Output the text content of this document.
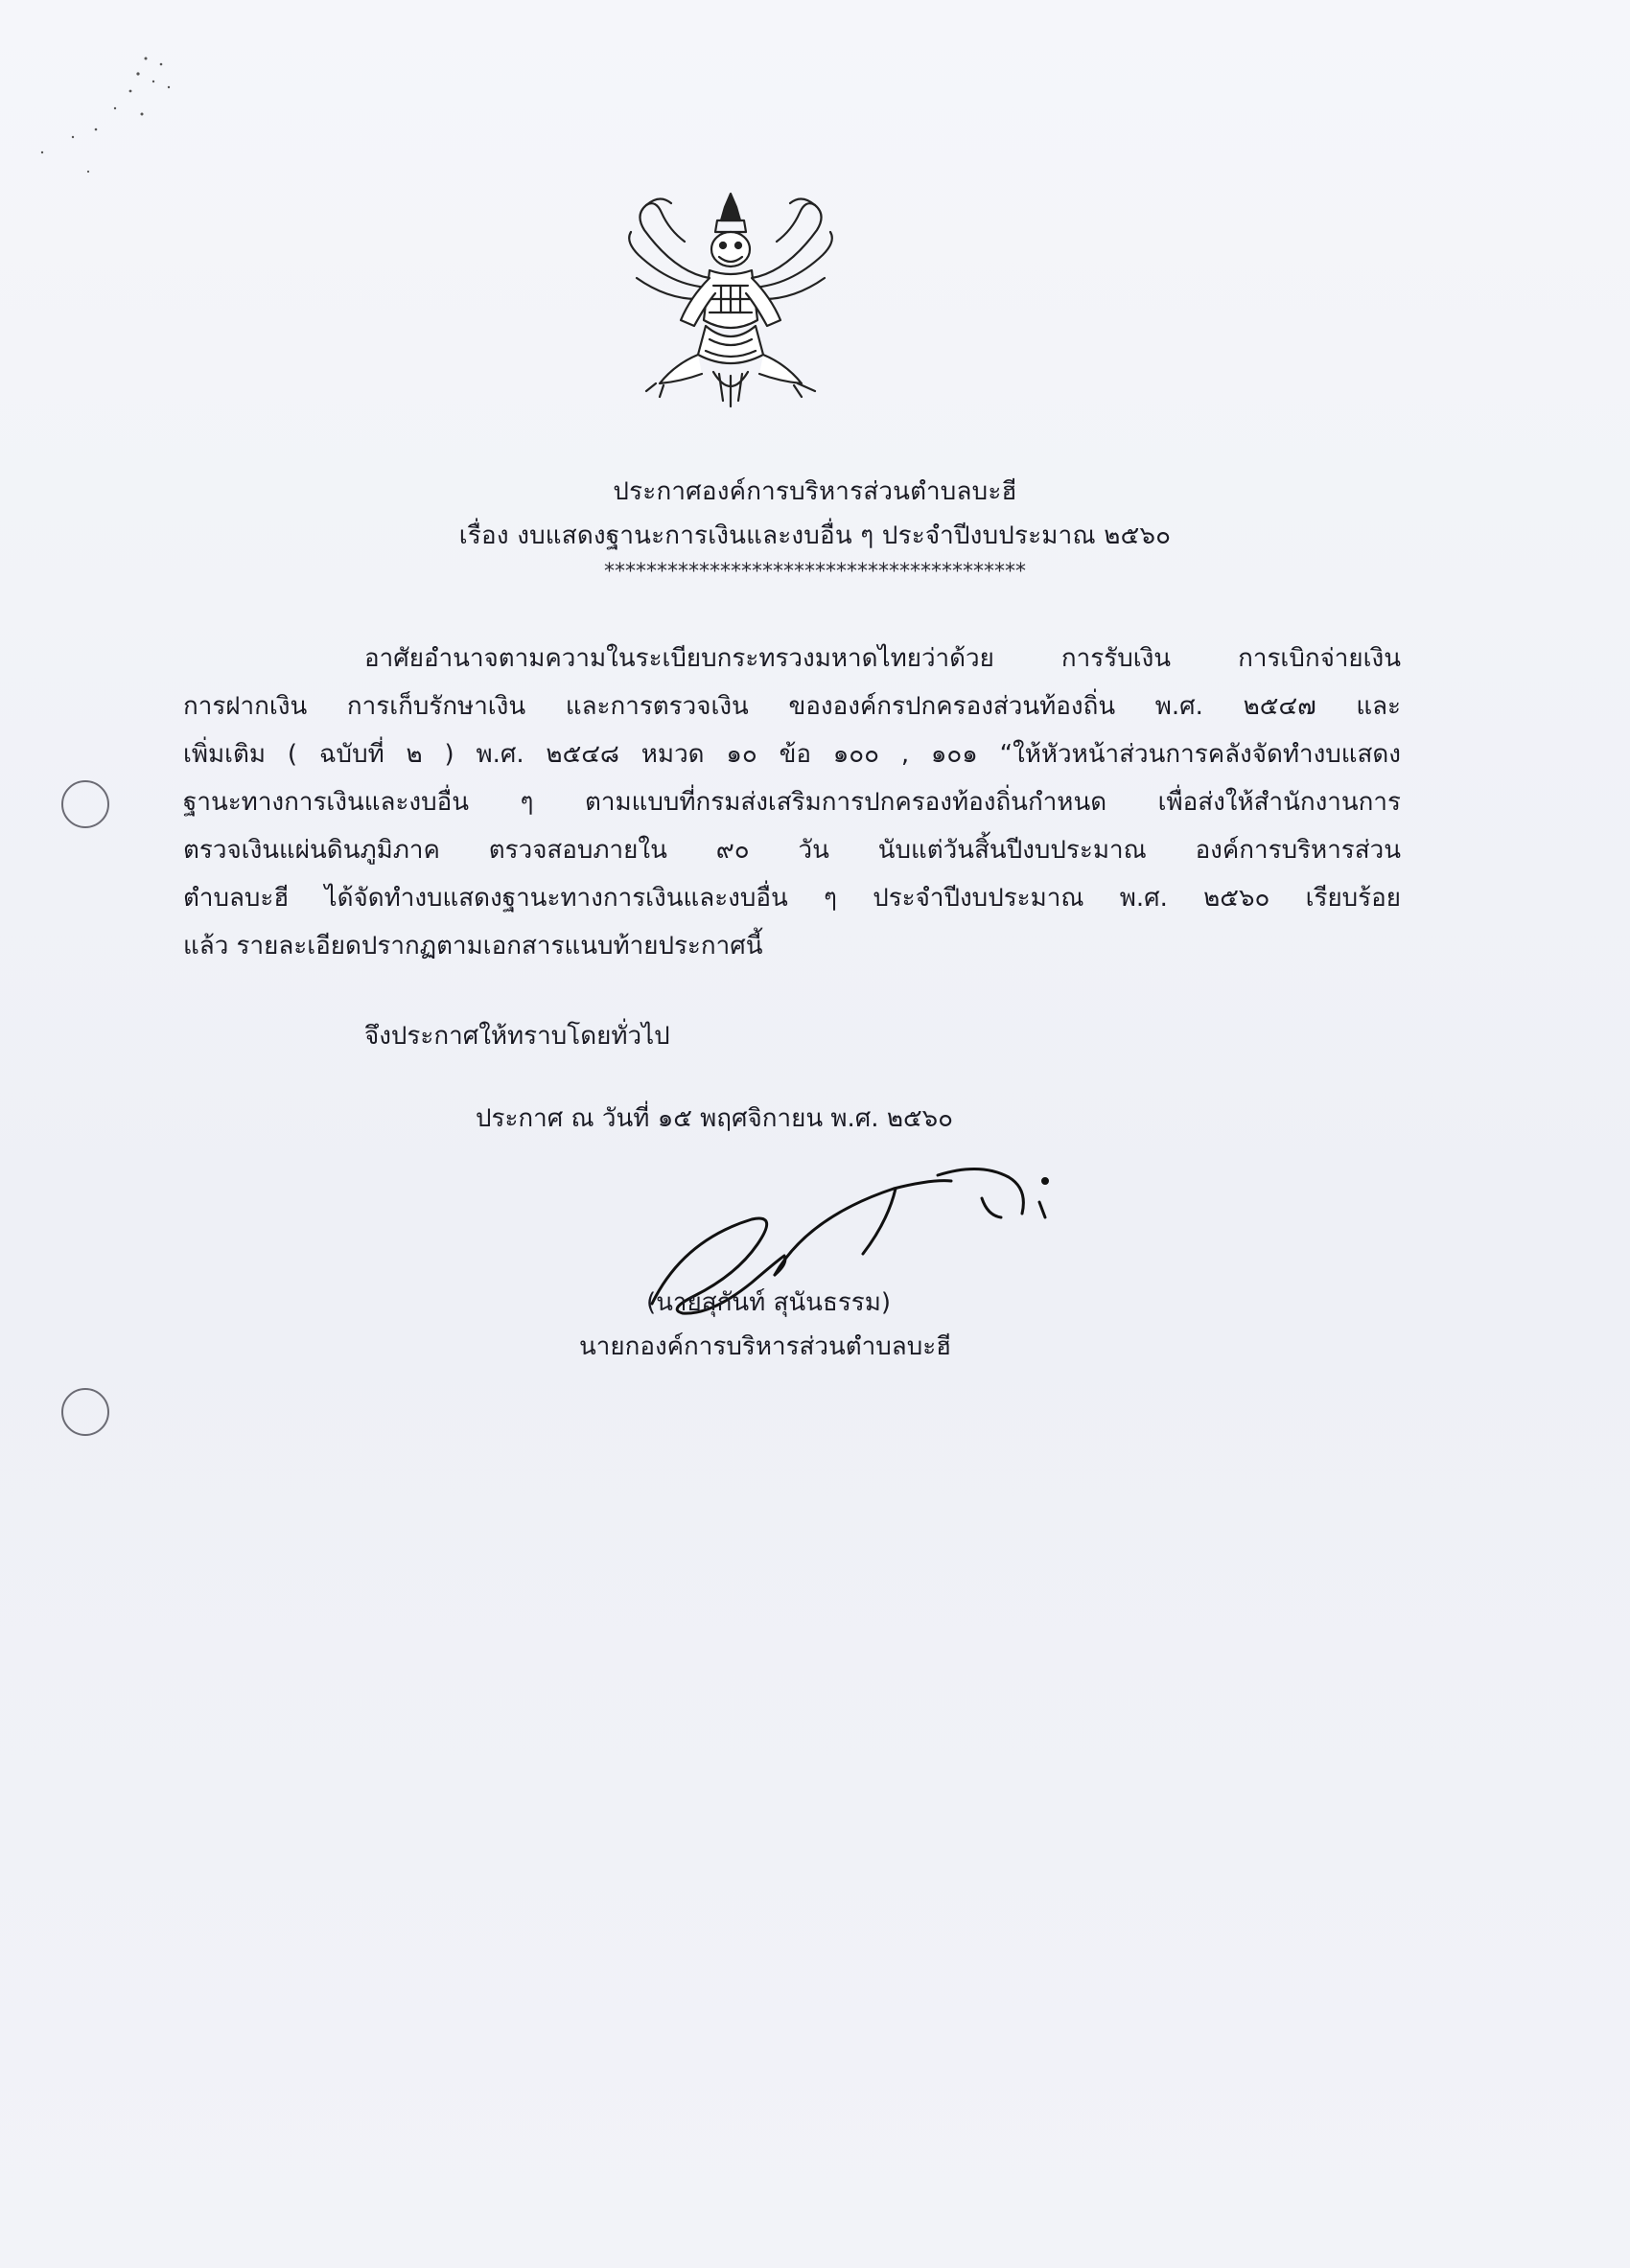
ประกาศองค์การบริหารส่วนตำบลบะฮี
เรื่อง งบแสดงฐานะการเงินและงบอื่น ๆ ประจำปีงบประมาณ ๒๕๖๐
****************************************
อาศัยอำนาจตามความในระเบียบกระทรวงมหาดไทยว่าด้วย การรับเงิน การเบิกจ่ายเงิน
การฝากเงิน การเก็บรักษาเงิน และการตรวจเงิน ขององค์กรปกครองส่วนท้องถิ่น พ.ศ. ๒๕๔๗ และ
เพิ่มเติม ( ฉบับที่ ๒ ) พ.ศ. ๒๕๔๘ หมวด ๑๐ ข้อ ๑๐๐ , ๑๐๑ “ให้หัวหน้าส่วนการคลังจัดทำงบแสดง
ฐานะทางการเงินและงบอื่น ๆ ตามแบบที่กรมส่งเสริมการปกครองท้องถิ่นกำหนด เพื่อส่งให้สำนักงานการ
ตรวจเงินแผ่นดินภูมิภาค ตรวจสอบภายใน ๙๐ วัน นับแต่วันสิ้นปีงบประมาณ องค์การบริหารส่วน
ตำบลบะฮี ได้จัดทำงบแสดงฐานะทางการเงินและงบอื่น ๆ ประจำปีงบประมาณ พ.ศ. ๒๕๖๐ เรียบร้อย
แล้ว รายละเอียดปรากฏตามเอกสารแนบท้ายประกาศนี้
จึงประกาศให้ทราบโดยทั่วไป
ประกาศ ณ วันที่ ๑๕ พฤศจิกายน พ.ศ. ๒๕๖๐
(นายสุกันท์ สุนันธรรม)
นายกองค์การบริหารส่วนตำบลบะฮี
